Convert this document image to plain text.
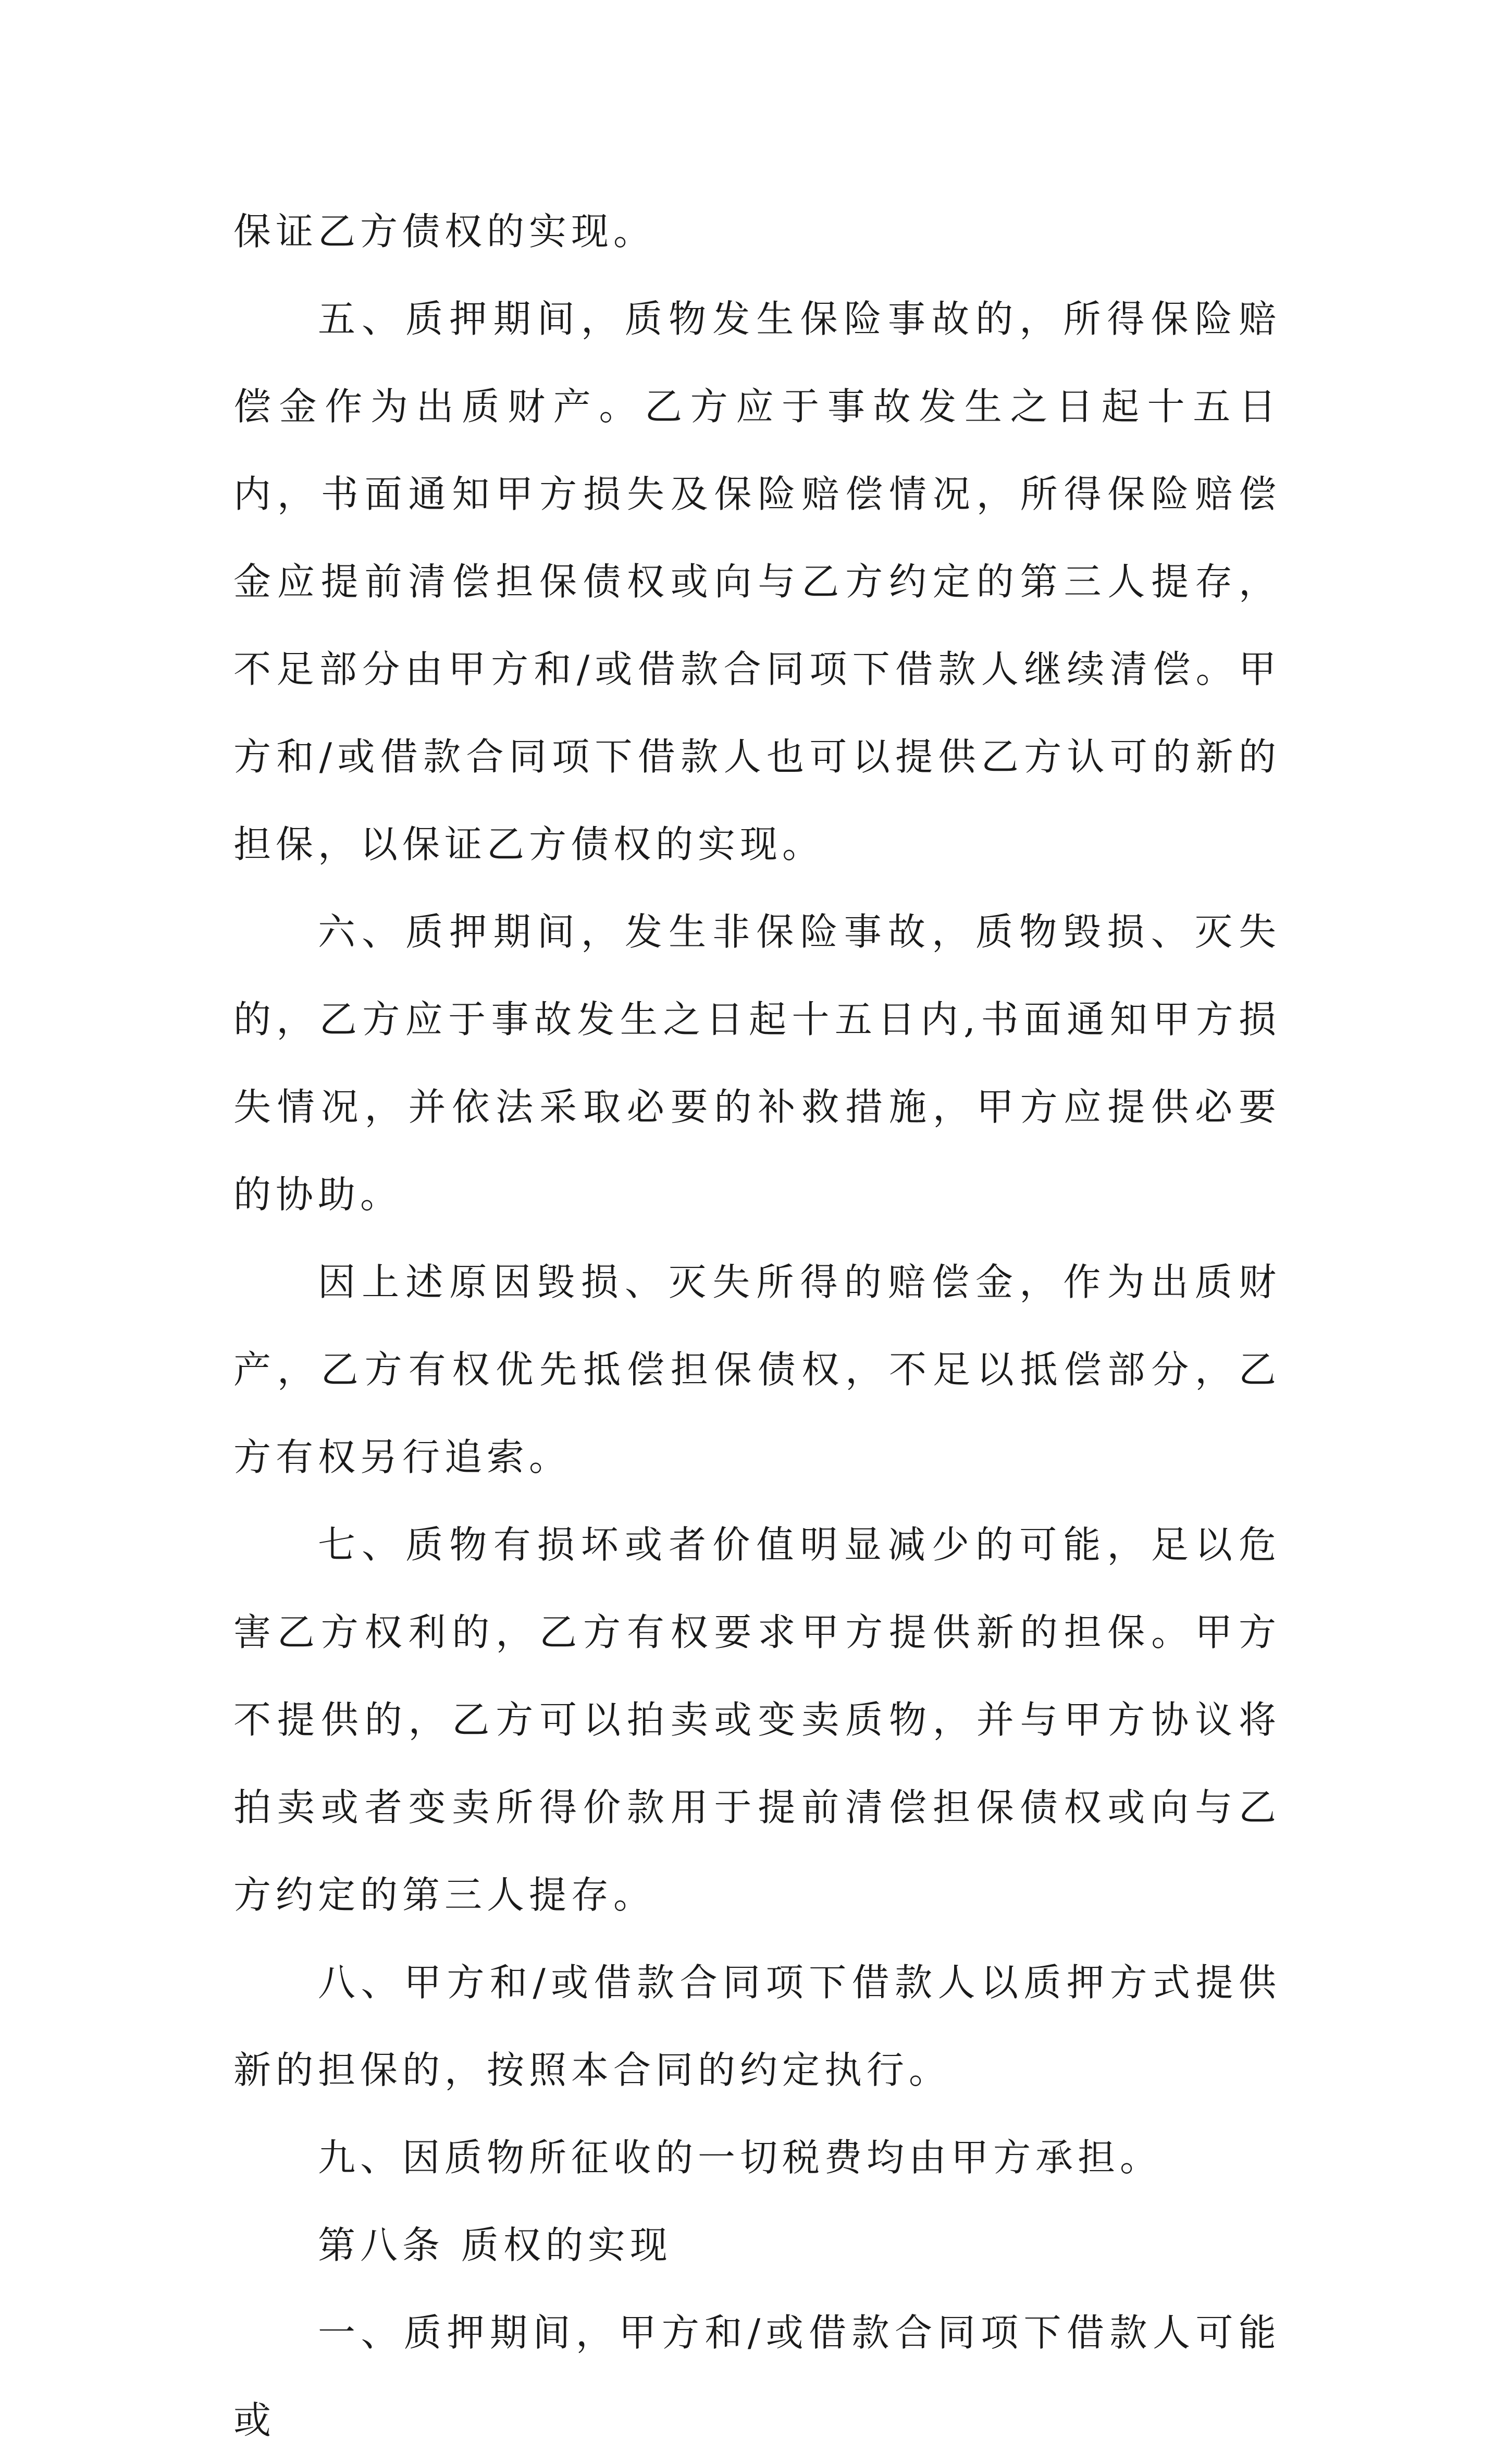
保证乙方债权的实现。

五、质押期间，质物发生保险事故的，所得保险赔偿金作为出质财产。乙方应于事故发生之日起十五日内，书面通知甲方损失及保险赔偿情况，所得保险赔偿金应提前清偿担保债权或向与乙方约定的第三人提存，不足部分由甲方和/或借款合同项下借款人继续清偿。甲方和/或借款合同项下借款人也可以提供乙方认可的新的担保，以保证乙方债权的实现。

六、质押期间，发生非保险事故，质物毁损、灭失的，乙方应于事故发生之日起十五日内,书面通知甲方损失情况，并依法采取必要的补救措施，甲方应提供必要的协助。

因上述原因毁损、灭失所得的赔偿金，作为出质财产，乙方有权优先抵偿担保债权，不足以抵偿部分，乙方有权另行追索。

七、质物有损坏或者价值明显减少的可能，足以危害乙方权利的，乙方有权要求甲方提供新的担保。甲方不提供的，乙方可以拍卖或变卖质物，并与甲方协议将拍卖或者变卖所得价款用于提前清偿担保债权或向与乙方约定的第三人提存。

八、甲方和/或借款合同项下借款人以质押方式提供新的担保的，按照本合同的约定执行。

九、因质物所征收的一切税费均由甲方承担。

第八条 质权的实现

一、质押期间，甲方和/或借款合同项下借款人可能或
